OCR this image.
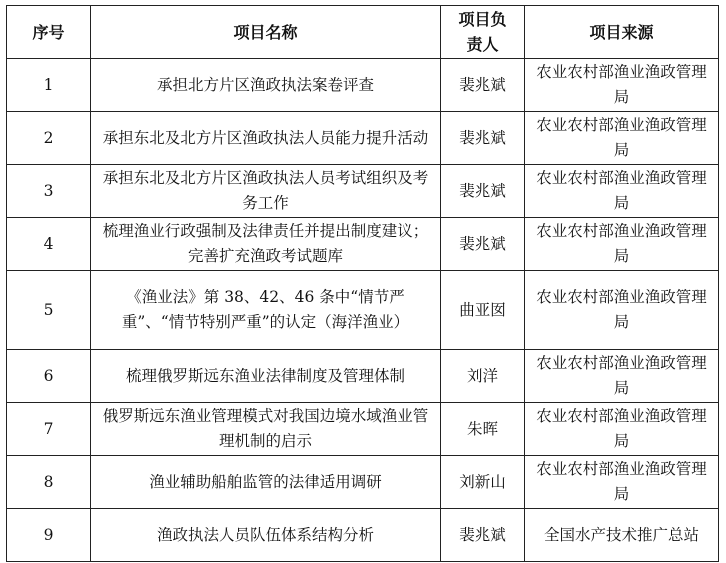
序号	项目名称	项目负责人	项目来源
1	承担北方片区渔政执法案卷评查	裴兆斌	农业农村部渔业渔政管理局
2	承担东北及北方片区渔政执法人员能力提升活动	裴兆斌	农业农村部渔业渔政管理局
3	承担东北及北方片区渔政执法人员考试组织及考务工作	裴兆斌	农业农村部渔业渔政管理局
4	梳理渔业行政强制及法律责任并提出制度建议；完善扩充渔政考试题库	裴兆斌	农业农村部渔业渔政管理局
5	《渔业法》第 38、42、46 条中“情节严重”、“情节特别严重”的认定（海洋渔业）	曲亚囡	农业农村部渔业渔政管理局
6	梳理俄罗斯远东渔业法律制度及管理体制	刘洋	农业农村部渔业渔政管理局
7	俄罗斯远东渔业管理模式对我国边境水域渔业管理机制的启示	朱晖	农业农村部渔业渔政管理局
8	渔业辅助船舶监管的法律适用调研	刘新山	农业农村部渔业渔政管理局
9	渔政执法人员队伍体系结构分析	裴兆斌	全国水产技术推广总站
